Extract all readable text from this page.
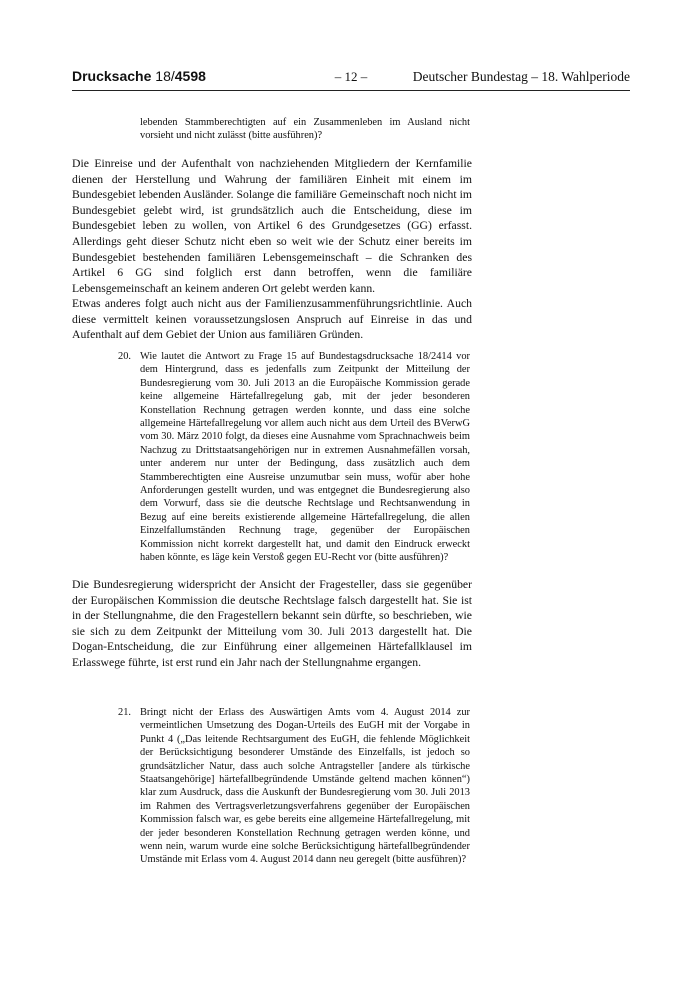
Drucksache 18/4598	– 12 –	Deutscher Bundestag – 18. Wahlperiode

lebenden Stammberechtigten auf ein Zusammenleben im Ausland nicht vorsieht und nicht zulässt (bitte ausführen)?

Die Einreise und der Aufenthalt von nachziehenden Mitgliedern der Kernfamilie dienen der Herstellung und Wahrung der familiären Einheit mit einem im Bundesgebiet lebenden Ausländer. Solange die familiäre Gemeinschaft noch nicht im Bundesgebiet gelebt wird, ist grundsätzlich auch die Entscheidung, diese im Bundesgebiet leben zu wollen, von Artikel 6 des Grundgesetzes (GG) erfasst. Allerdings geht dieser Schutz nicht eben so weit wie der Schutz einer bereits im Bundesgebiet bestehenden familiären Lebensgemeinschaft – die Schranken des Artikel 6 GG sind folglich erst dann betroffen, wenn die familiäre Lebensgemeinschaft an keinem anderen Ort gelebt werden kann.

Etwas anderes folgt auch nicht aus der Familienzusammenführungsrichtlinie. Auch diese vermittelt keinen voraussetzungslosen Anspruch auf Einreise in das und Aufenthalt auf dem Gebiet der Union aus familiären Gründen.

20. Wie lautet die Antwort zu Frage 15 auf Bundestagsdrucksache 18/2414 vor dem Hintergrund, dass es jedenfalls zum Zeitpunkt der Mitteilung der Bundesregierung vom 30. Juli 2013 an die Europäische Kommission gerade keine allgemeine Härtefallregelung gab, mit der jeder besonderen Konstellation Rechnung getragen werden konnte, und dass eine solche allgemeine Härtefallregelung vor allem auch nicht aus dem Urteil des BVerwG vom 30. März 2010 folgt, da dieses eine Ausnahme vom Sprachnachweis beim Nachzug zu Drittstaatsangehörigen nur in extremen Ausnahmefällen vorsah, unter anderem nur unter der Bedingung, dass zusätzlich auch dem Stammberechtigten eine Ausreise unzumutbar sein muss, wofür aber hohe Anforderungen gestellt wurden, und was entgegnet die Bundesregierung also dem Vorwurf, dass sie die deutsche Rechtslage und Rechtsanwendung in Bezug auf eine bereits existierende allgemeine Härtefallregelung, die allen Einzelfallumständen Rechnung trage, gegenüber der Europäischen Kommission nicht korrekt dargestellt hat, und damit den Eindruck erweckt haben könnte, es läge kein Verstoß gegen EU-Recht vor (bitte ausführen)?

Die Bundesregierung widerspricht der Ansicht der Fragesteller, dass sie gegenüber der Europäischen Kommission die deutsche Rechtslage falsch dargestellt hat. Sie ist in der Stellungnahme, die den Fragestellern bekannt sein dürfte, so beschrieben, wie sie sich zu dem Zeitpunkt der Mitteilung vom 30. Juli 2013 dargestellt hat. Die Dogan-Entscheidung, die zur Einführung einer allgemeinen Härtefallklausel im Erlasswege führte, ist erst rund ein Jahr nach der Stellungnahme ergangen.

21. Bringt nicht der Erlass des Auswärtigen Amts vom 4. August 2014 zur vermeintlichen Umsetzung des Dogan-Urteils des EuGH mit der Vorgabe in Punkt 4 („Das leitende Rechtsargument des EuGH, die fehlende Möglichkeit der Berücksichtigung besonderer Umstände des Einzelfalls, ist jedoch so grundsätzlicher Natur, dass auch solche Antragsteller [andere als türkische Staatsangehörige] härtefallbegründende Umstände geltend machen können“) klar zum Ausdruck, dass die Auskunft der Bundesregierung vom 30. Juli 2013 im Rahmen des Vertragsverletzungsverfahrens gegenüber der Europäischen Kommission falsch war, es gebe bereits eine allgemeine Härtefallregelung, mit der jeder besonderen Konstellation Rechnung getragen werden könne, und wenn nein, warum wurde eine solche Berücksichtigung härtefallbegründender Umstände mit Erlass vom 4. August 2014 dann neu geregelt (bitte ausführen)?
